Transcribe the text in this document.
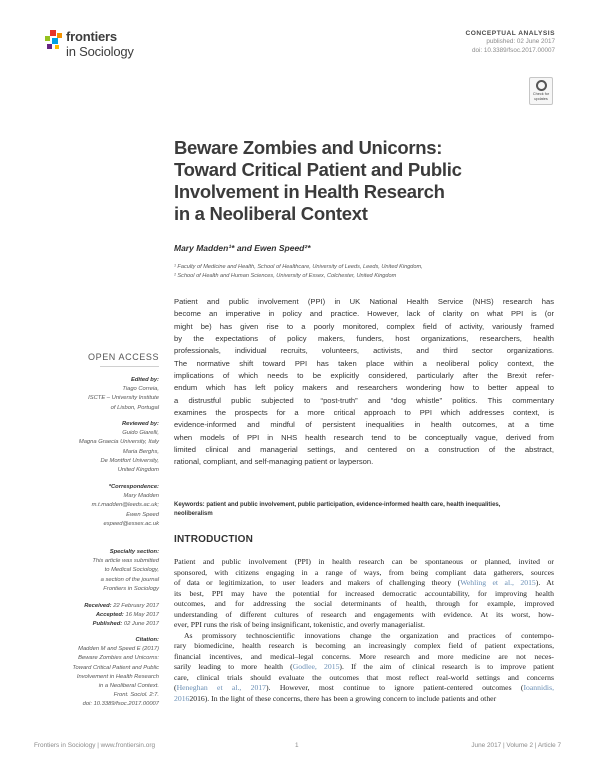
frontiers
in Sociology
CONCEPTUAL ANALYSIS
published: 02 June 2017
doi: 10.3389/fsoc.2017.00007
Check for
updates
Beware Zombies and Unicorns:
Toward Critical Patient and Public
Involvement in Health Research
in a Neoliberal Context
Mary Madden¹* and Ewen Speed²*
¹ Faculty of Medicine and Health, School of Healthcare, University of Leeds, Leeds, United Kingdom,
² School of Health and Human Sciences, University of Essex, Colchester, United Kingdom
Patient and public involvement (PPI) in UK National Health Service (NHS) research has
become an imperative in policy and practice. However, lack of clarity on what PPI is (or
might be) has given rise to a poorly monitored, complex field of activity, variously framed
by the expectations of policy makers, funders, host organizations, researchers, health
professionals, individual recruits, volunteers, activists, and third sector organizations.
The normative shift toward PPI has taken place within a neoliberal policy context, the
implications of which needs to be explicitly considered, particularly after the Brexit refer-
endum which has left policy makers and researchers wondering how to better appeal to
a distrustful public subjected to “post-truth” and “dog whistle” politics. This commentary
examines the prospects for a more critical approach to PPI which addresses context, is
evidence-informed and mindful of persistent inequalities in health outcomes, at a time
when models of PPI in NHS health research tend to be conceptually vague, derived from
limited clinical and managerial settings, and centered on a construction of the abstract,
rational, compliant, and self-managing patient or layperson.
Keywords: patient and public involvement, public participation, evidence-informed health care, health inequalities,
neoliberalism
INTRODUCTION
Patient and public involvement (PPI) in health research can be spontaneous or planned, invited or
sponsored, with citizens engaging in a range of ways, from being compliant data gatherers, sources
of data or legitimization, to user leaders and makers of challenging theory (Wehling et al., 2015). At
its best, PPI may have the potential for increased democratic accountability, for improving health
outcomes, and for addressing the social determinants of health, through for example, improved
understanding of different cultures of research and engagements with evidence. At its worst, how-
ever, PPI runs the risk of being insignificant, tokenistic, and overly managerialist.
As promissory technoscientific innovations change the organization and practices of contempo-
rary biomedicine, health research is becoming an increasingly complex field of patient expectations,
financial incentives, and medical–legal concerns. More research and more medicine are not neces-
sarily leading to more health (Godlee, 2015). If the aim of clinical research is to improve patient
care, clinical trials should evaluate the outcomes that most reflect real-world settings and concerns
(Heneghan et al., 2017). However, most continue to ignore patient-centered outcomes (Ioannidis,
20162016). In the light of these concerns, there has been a growing concern to include patients and other
OPEN ACCESS
Edited by:
Tiago Correia,
ISCTE – University Institute
of Lisbon, Portugal
Reviewed by:
Guido Giarelli,
Magna Graecia University, Italy
Maria Berghs,
De Montfort University,
United Kingdom
*Correspondence:
Mary Madden
m.t.madden@leeds.ac.uk;
Ewen Speed
espeed@essex.ac.uk
Specialty section:
This article was submitted
to Medical Sociology,
a section of the journal
Frontiers in Sociology
Received: 22 February 2017
Accepted: 16 May 2017
Published: 02 June 2017
Citation:
Madden M and Speed E (2017)
Beware Zombies and Unicorns:
Toward Critical Patient and Public
Involvement in Health Research
in a Neoliberal Context.
Front. Sociol. 2:7.
doi: 10.3389/fsoc.2017.00007
Frontiers in Sociology | www.frontiersin.org	1	June 2017 | Volume 2 | Article 7
